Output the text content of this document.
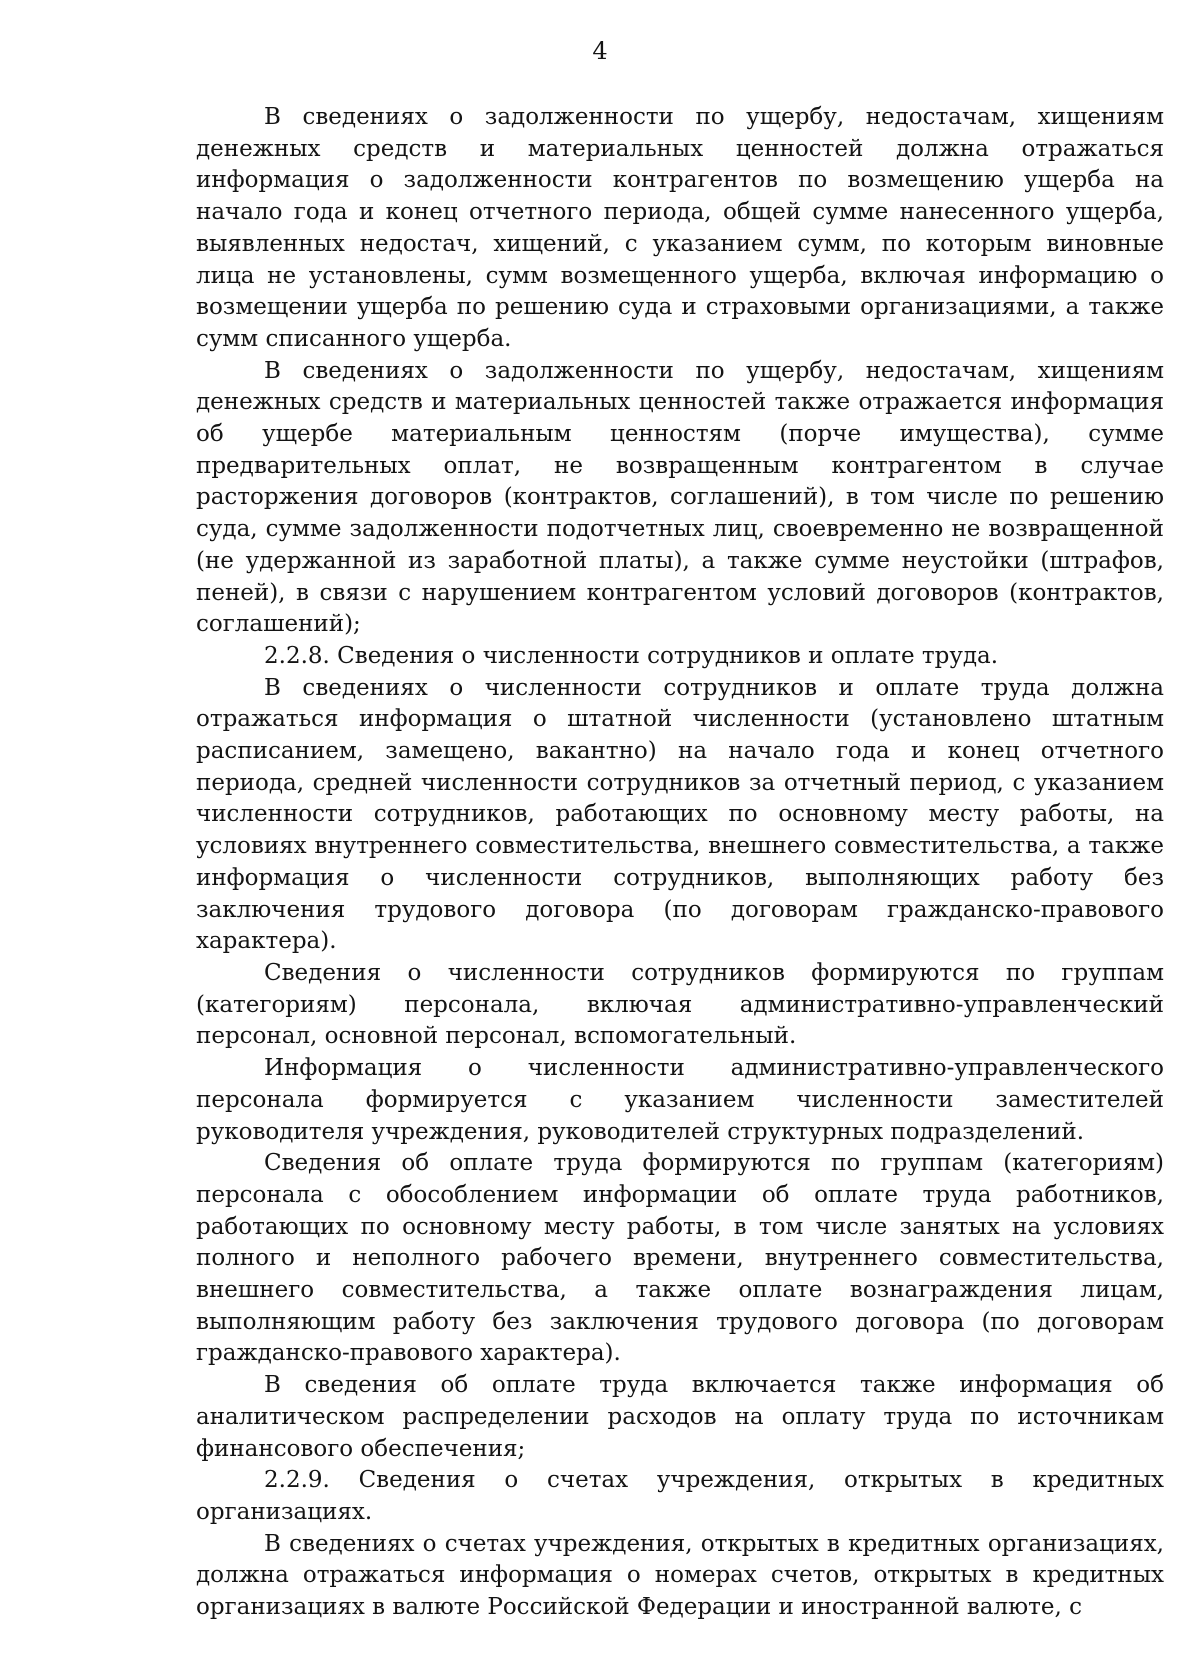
4

В сведениях о задолженности по ущербу, недостачам, хищениям денежных средств и материальных ценностей должна отражаться информация о задолженности контрагентов по возмещению ущерба на начало года и конец отчетного периода, общей сумме нанесенного ущерба, выявленных недостач, хищений, с указанием сумм, по которым виновные лица не установлены, сумм возмещенного ущерба, включая информацию о возмещении ущерба по решению суда и страховыми организациями, а также сумм списанного ущерба.

В сведениях о задолженности по ущербу, недостачам, хищениям денежных средств и материальных ценностей также отражается информация об ущербе материальным ценностям (порче имущества), сумме предварительных оплат, не возвращенным контрагентом в случае расторжения договоров (контрактов, соглашений), в том числе по решению суда, сумме задолженности подотчетных лиц, своевременно не возвращенной (не удержанной из заработной платы), а также сумме неустойки (штрафов, пеней), в связи с нарушением контрагентом условий договоров (контрактов, соглашений);

2.2.8. Сведения о численности сотрудников и оплате труда.

В сведениях о численности сотрудников и оплате труда должна отражаться информация о штатной численности (установлено штатным расписанием, замещено, вакантно) на начало года и конец отчетного периода, средней численности сотрудников за отчетный период, с указанием численности сотрудников, работающих по основному месту работы, на условиях внутреннего совместительства, внешнего совместительства, а также информация о численности сотрудников, выполняющих работу без заключения трудового договора (по договорам гражданско-правового характера).

Сведения о численности сотрудников формируются по группам (категориям) персонала, включая административно-управленческий персонал, основной персонал, вспомогательный.

Информация о численности административно-управленческого персонала формируется с указанием численности заместителей руководителя учреждения, руководителей структурных подразделений.

Сведения об оплате труда формируются по группам (категориям) персонала с обособлением информации об оплате труда работников, работающих по основному месту работы, в том числе занятых на условиях полного и неполного рабочего времени, внутреннего совместительства, внешнего совместительства, а также оплате вознаграждения лицам, выполняющим работу без заключения трудового договора (по договорам гражданско-правового характера).

В сведения об оплате труда включается также информация об аналитическом распределении расходов на оплату труда по источникам финансового обеспечения;

2.2.9. Сведения о счетах учреждения, открытых в кредитных организациях.

В сведениях о счетах учреждения, открытых в кредитных организациях, должна отражаться информация о номерах счетов, открытых в кредитных организациях в валюте Российской Федерации и иностранной валюте, с
